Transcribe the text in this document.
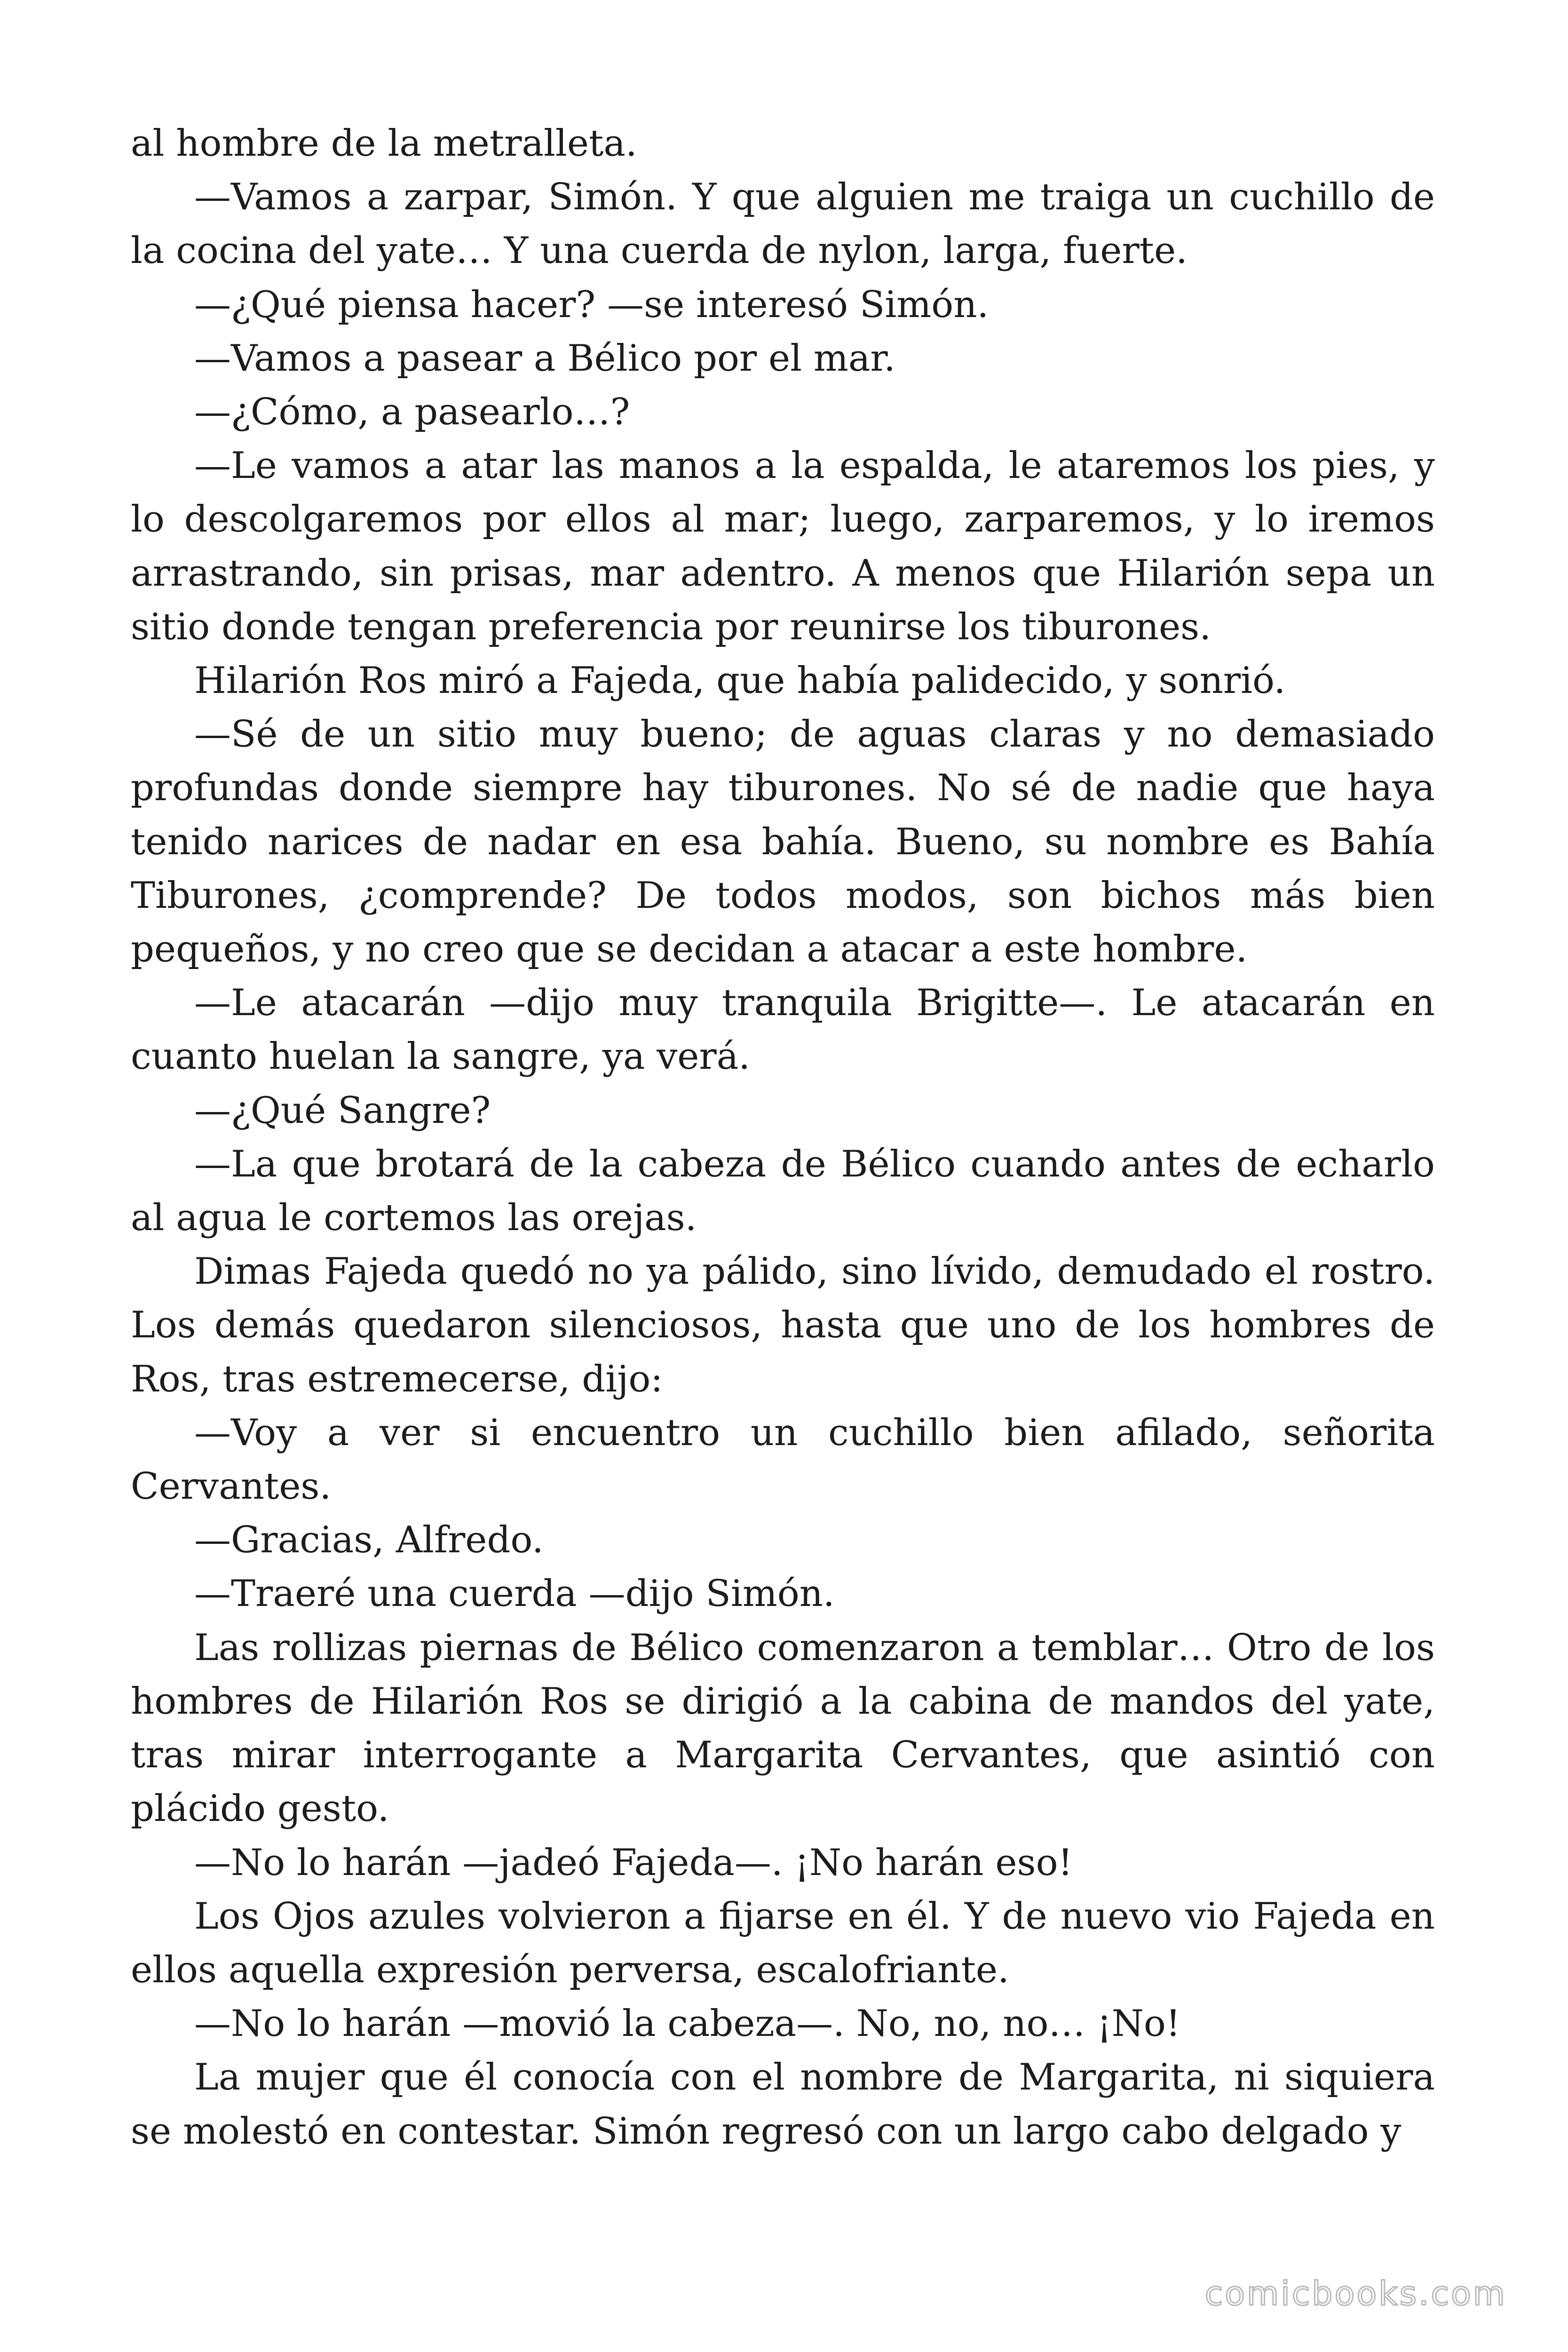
al hombre de la metralleta.

—Vamos a zarpar, Simón. Y que alguien me traiga un cuchillo de la cocina del yate… Y una cuerda de nylon, larga, fuerte.

—¿Qué piensa hacer? —se interesó Simón.

—Vamos a pasear a Bélico por el mar.

—¿Cómo, a pasearlo…?

—Le vamos a atar las manos a la espalda, le ataremos los pies, y lo descolgaremos por ellos al mar; luego, zarparemos, y lo iremos arrastrando, sin prisas, mar adentro. A menos que Hilarión sepa un sitio donde tengan preferencia por reunirse los tiburones.

Hilarión Ros miró a Fajeda, que había palidecido, y sonrió.

—Sé de un sitio muy bueno; de aguas claras y no demasiado profundas donde siempre hay tiburones. No sé de nadie que haya tenido narices de nadar en esa bahía. Bueno, su nombre es Bahía Tiburones, ¿comprende? De todos modos, son bichos más bien pequeños, y no creo que se decidan a atacar a este hombre.

—Le atacarán —dijo muy tranquila Brigitte—. Le atacarán en cuanto huelan la sangre, ya verá.

—¿Qué Sangre?

—La que brotará de la cabeza de Bélico cuando antes de echarlo al agua le cortemos las orejas.

Dimas Fajeda quedó no ya pálido, sino lívido, demudado el rostro. Los demás quedaron silenciosos, hasta que uno de los hombres de Ros, tras estremecerse, dijo:

—Voy a ver si encuentro un cuchillo bien afilado, señorita Cervantes.

—Gracias, Alfredo.

—Traeré una cuerda —dijo Simón.

Las rollizas piernas de Bélico comenzaron a temblar… Otro de los hombres de Hilarión Ros se dirigió a la cabina de mandos del yate, tras mirar interrogante a Margarita Cervantes, que asintió con plácido gesto.

—No lo harán —jadeó Fajeda—. ¡No harán eso!

Los Ojos azules volvieron a fijarse en él. Y de nuevo vio Fajeda en ellos aquella expresión perversa, escalofriante.

—No lo harán —movió la cabeza—. No, no, no… ¡No!

La mujer que él conocía con el nombre de Margarita, ni siquiera se molestó en contestar. Simón regresó con un largo cabo delgado y

comicbooks.com
